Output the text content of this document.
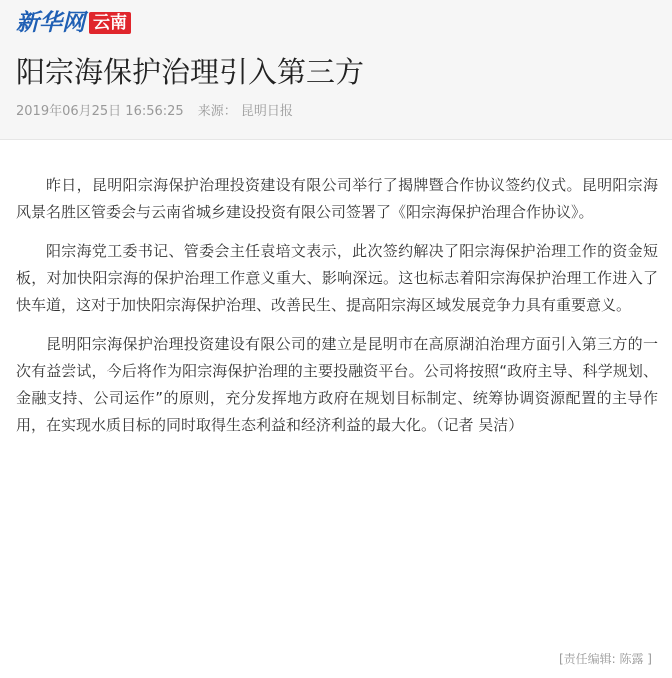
新华网 云南
阳宗海保护治理引入第三方
2019年06月25日 16:56:25 来源： 昆明日报

昨日，昆明阳宗海保护治理投资建设有限公司举行了揭牌暨合作协议签约仪式。昆明阳宗海风景名胜区管委会与云南省城乡建设投资有限公司签署了《阳宗海保护治理合作协议》。

阳宗海党工委书记、管委会主任袁培文表示，此次签约解决了阳宗海保护治理工作的资金短板，对加快阳宗海的保护治理工作意义重大、影响深远。这也标志着阳宗海保护治理工作进入了快车道，这对于加快阳宗海保护治理、改善民生、提高阳宗海区域发展竞争力具有重要意义。

昆明阳宗海保护治理投资建设有限公司的建立是昆明市在高原湖泊治理方面引入第三方的一次有益尝试，今后将作为阳宗海保护治理的主要投融资平台。公司将按照“政府主导、科学规划、金融支持、公司运作”的原则，充分发挥地方政府在规划目标制定、统筹协调资源配置的主导作用，在实现水质目标的同时取得生态利益和经济利益的最大化。（记者 吴洁）

[责任编辑: 陈露 ]
